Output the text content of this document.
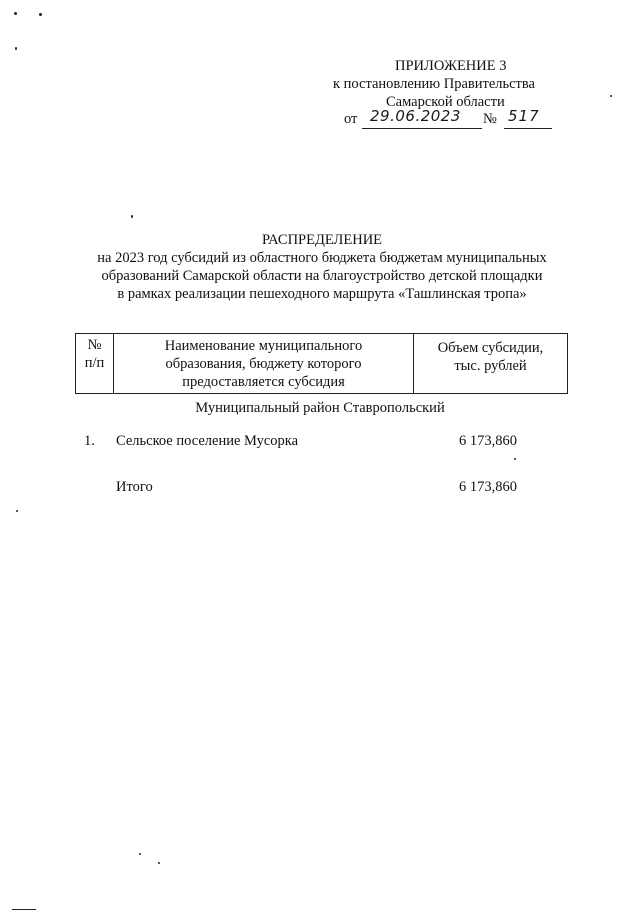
ПРИЛОЖЕНИЕ 3
к постановлению Правительства
Самарской области
от 29.06.2023 № 517
РАСПРЕДЕЛЕНИЕ
на 2023 год субсидий из областного бюджета бюджетам муниципальных
образований Самарской области на благоустройство детской площадки
в рамках реализации пешеходного маршрута «Ташлинская тропа»
№
п/п
Наименование муниципального
образования, бюджету которого
предоставляется субсидия
Объем субсидии,
тыс. рублей
Муниципальный район Ставропольский
1. Сельское поселение Мусорка	6 173,860
Итого	6 173,860
